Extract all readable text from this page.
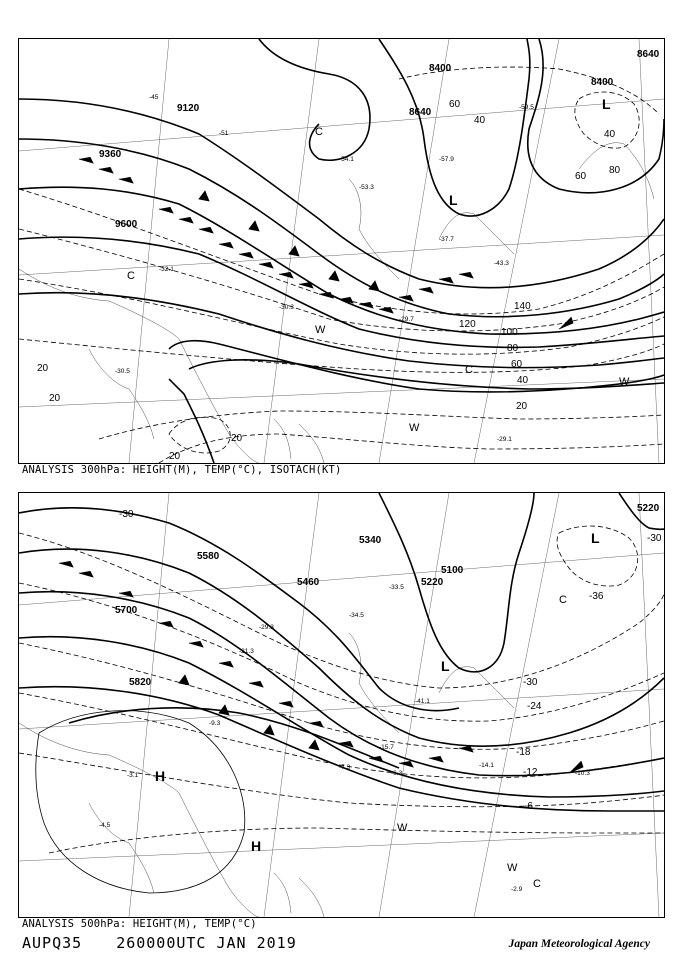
8400
8640
9120
9360
9600
8400
8640
140
120
100
80
60
40
20
20
20
20
40
60
80
60
40
20
L
L
C
C
C
W
W
W
-45
-51
-54.1
-53.3
-57.9
-59.5
-43.3
-37.7
-30.3
-29.7
-32.1
-30.5
-29.1
ANALYSIS 300hPa: HEIGHT(M), TEMP(°C), ISOTACH(KT)
5100
5220
5340
5460
5580
5700
5820
5220
-30
-24
-18
-12
-6
-30
-36
-30
L
H
H
L
C
C
W
W
-33.5
-34.5
-41.1
-29.3
-21.3
-15.7
-9.3
-7.3
-6.3
-4.5
-3.1
-2.9
-10.3
-14.1
ANALYSIS 500hPa: HEIGHT(M), TEMP(°C)
AUPQ35 260000UTC JAN 2019	Japan Meteorological Agency
